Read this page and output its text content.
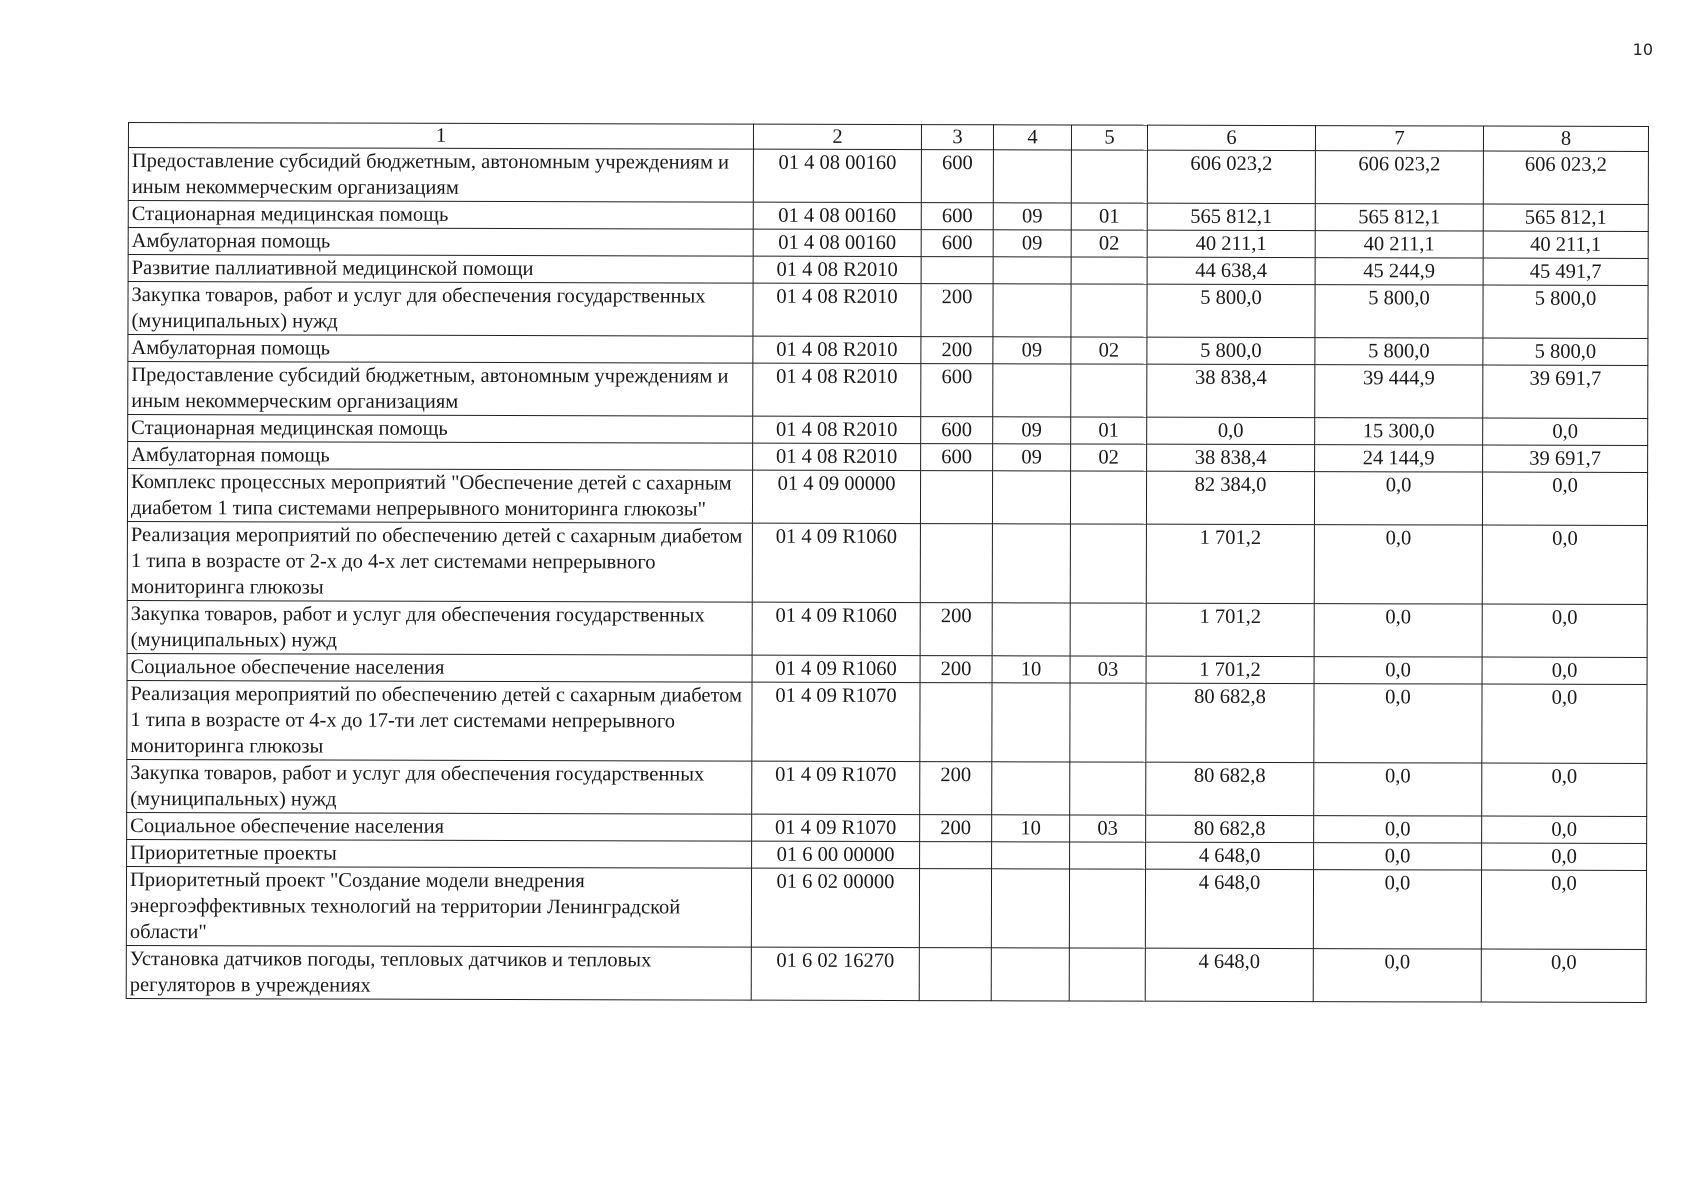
10
1	2	3	4	5	6	7	8
Предоставление субсидий бюджетным, автономным учреждениям и иным некоммерческим организациям	01 4 08 00160	600			606 023,2	606 023,2	606 023,2
Стационарная медицинская помощь	01 4 08 00160	600	09	01	565 812,1	565 812,1	565 812,1
Амбулаторная помощь	01 4 08 00160	600	09	02	40 211,1	40 211,1	40 211,1
Развитие паллиативной медицинской помощи	01 4 08 R2010				44 638,4	45 244,9	45 491,7
Закупка товаров, работ и услуг для обеспечения государственных (муниципальных) нужд	01 4 08 R2010	200			5 800,0	5 800,0	5 800,0
Амбулаторная помощь	01 4 08 R2010	200	09	02	5 800,0	5 800,0	5 800,0
Предоставление субсидий бюджетным, автономным учреждениям и иным некоммерческим организациям	01 4 08 R2010	600			38 838,4	39 444,9	39 691,7
Стационарная медицинская помощь	01 4 08 R2010	600	09	01	0,0	15 300,0	0,0
Амбулаторная помощь	01 4 08 R2010	600	09	02	38 838,4	24 144,9	39 691,7
Комплекс процессных мероприятий "Обеспечение детей с сахарным диабетом 1 типа системами непрерывного мониторинга глюкозы"	01 4 09 00000				82 384,0	0,0	0,0
Реализация мероприятий по обеспечению детей с сахарным диабетом 1 типа в возрасте от 2-х до 4-х лет системами непрерывного мониторинга глюкозы	01 4 09 R1060				1 701,2	0,0	0,0
Закупка товаров, работ и услуг для обеспечения государственных (муниципальных) нужд	01 4 09 R1060	200			1 701,2	0,0	0,0
Социальное обеспечение населения	01 4 09 R1060	200	10	03	1 701,2	0,0	0,0
Реализация мероприятий по обеспечению детей с сахарным диабетом 1 типа в возрасте от 4-х до 17-ти лет системами непрерывного мониторинга глюкозы	01 4 09 R1070				80 682,8	0,0	0,0
Закупка товаров, работ и услуг для обеспечения государственных (муниципальных) нужд	01 4 09 R1070	200			80 682,8	0,0	0,0
Социальное обеспечение населения	01 4 09 R1070	200	10	03	80 682,8	0,0	0,0
Приоритетные проекты	01 6 00 00000				4 648,0	0,0	0,0
Приоритетный проект "Создание модели внедрения энергоэффективных технологий на территории Ленинградской области"	01 6 02 00000				4 648,0	0,0	0,0
Установка датчиков погоды, тепловых датчиков и тепловых регуляторов в учреждениях	01 6 02 16270				4 648,0	0,0	0,0
